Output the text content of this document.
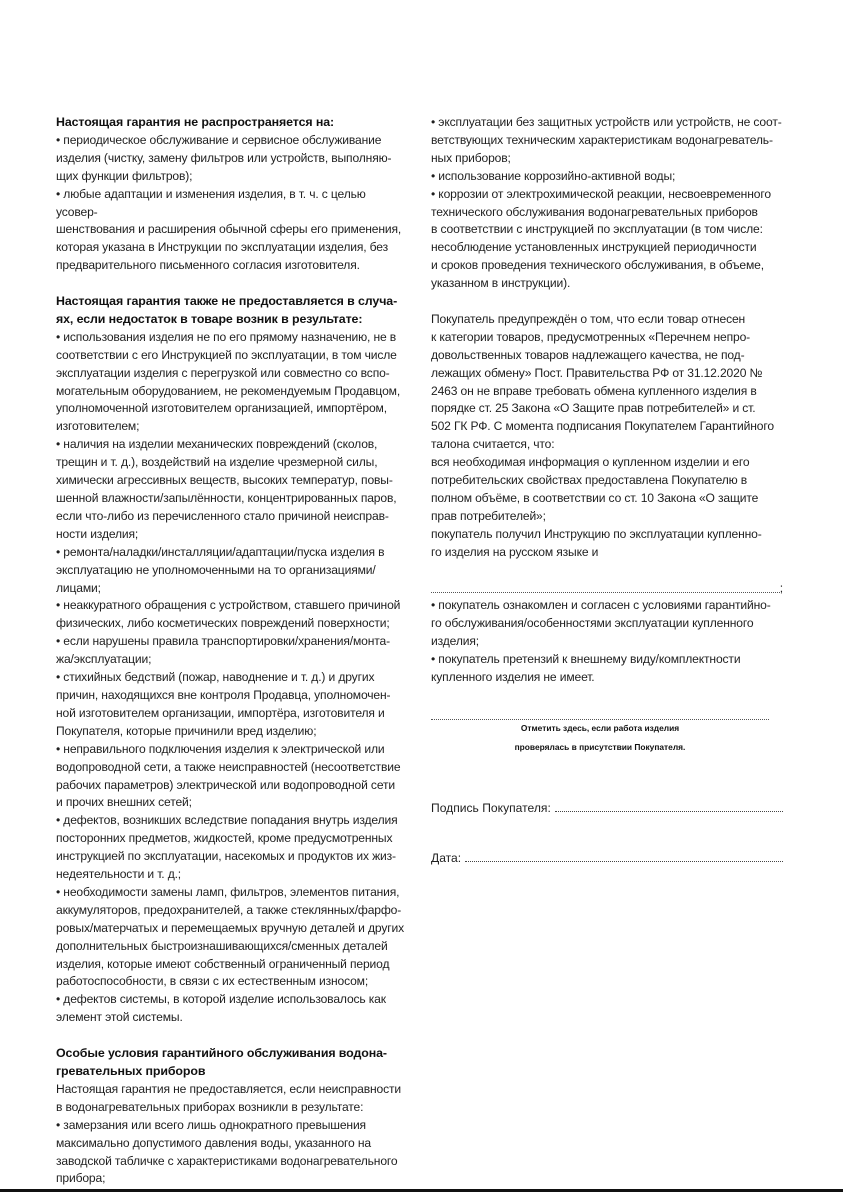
Настоящая гарантия не распространяется на:

• периодическое обслуживание и сервисное обслуживание
изделия (чистку, замену фильтров или устройств, выполняю-
щих функции фильтров);
• любые адаптации и изменения изделия, в т. ч. с целью усовер-
шенствования и расширения обычной сферы его применения,
которая указана в Инструкции по эксплуатации изделия, без
предварительного письменного согласия изготовителя.

Настоящая гарантия также не предоставляется в случа-
ях, если недостаток в товаре возник в результате:

• использования изделия не по его прямому назначению, не в
соответствии с его Инструкцией по эксплуатации, в том числе
эксплуатации изделия с перегрузкой или совместно со вспо-
могательным оборудованием, не рекомендуемым Продавцом,
уполномоченной изготовителем организацией, импортёром,
изготовителем;
• наличия на изделии механических повреждений (сколов,
трещин и т. д.), воздействий на изделие чрезмерной силы,
химически агрессивных веществ, высоких температур, повы-
шенной влажности/запылённости, концентрированных паров,
если что-либо из перечисленного стало причиной неисправ-
ности изделия;
• ремонта/наладки/инсталляции/адаптации/пуска изделия в
эксплуатацию не уполномоченными на то организациями/
лицами;
• неаккуратного обращения с устройством, ставшего причиной
физических, либо косметических повреждений поверхности;
• если нарушены правила транспортировки/хранения/монта-
жа/эксплуатации;
• стихийных бедствий (пожар, наводнение и т. д.) и других
причин, находящихся вне контроля Продавца, уполномочен-
ной изготовителем организации, импортёра, изготовителя и
Покупателя, которые причинили вред изделию;
• неправильного подключения изделия к электрической или
водопроводной сети, а также неисправностей (несоответствие
рабочих параметров) электрической или водопроводной сети
и прочих внешних сетей;
• дефектов, возникших вследствие попадания внутрь изделия
посторонних предметов, жидкостей, кроме предусмотренных
инструкцией по эксплуатации, насекомых и продуктов их жиз-
недеятельности и т. д.;
• необходимости замены ламп, фильтров, элементов питания,
аккумуляторов, предохранителей, а также стеклянных/фарфо-
ровых/матерчатых и перемещаемых вручную деталей и других
дополнительных быстроизнашивающихся/сменных деталей
изделия, которые имеют собственный ограниченный период
работоспособности, в связи с их естественным износом;
• дефектов системы, в которой изделие использовалось как
элемент этой системы.

Особые условия гарантийного обслуживания водона-
гревательных приборов

Настоящая гарантия не предоставляется, если неисправности
в водонагревательных приборах возникли в результате:
• замерзания или всего лишь однократного превышения
максимально допустимого давления воды, указанного на
заводской табличке с характеристиками водонагревательного
прибора;

• эксплуатации без защитных устройств или устройств, не соот-
ветствующих техническим характеристикам водонагреватель-
ных приборов;
• использование коррозийно-активной воды;
• коррозии от электрохимической реакции, несвоевременного
технического обслуживания водонагревательных приборов
в соответствии с инструкцией по эксплуатации (в том числе:
несоблюдение установленных инструкцией периодичности
и сроков проведения технического обслуживания, в объеме,
указанном в инструкции).

Покупатель предупреждён о том, что если товар отнесен
к категории товаров, предусмотренных «Перечнем непро-
довольственных товаров надлежащего качества, не под-
лежащих обмену» Пост. Правительства РФ от 31.12.2020 №
2463 он не вправе требовать обмена купленного изделия в
порядке ст. 25 Закона «О Защите прав потребителей» и ст.
502 ГК РФ. С момента подписания Покупателем Гарантийного
талона считается, что:
вся необходимая информация о купленном изделии и его
потребительских свойствах предоставлена Покупателю в
полном объёме, в соответствии со ст. 10 Закона «О защите
прав потребителей»;
покупатель получил Инструкцию по эксплуатации купленно-
го изделия на русском языке и

;

• покупатель ознакомлен и согласен с условиями гарантийно-
го обслуживания/особенностями эксплуатации купленного
изделия;
• покупатель претензий к внешнему виду/комплектности
купленного изделия не имеет.

Отметить здесь, если работа изделия
проверялась в присутствии Покупателя.
Подпись Покупателя:
Дата:
